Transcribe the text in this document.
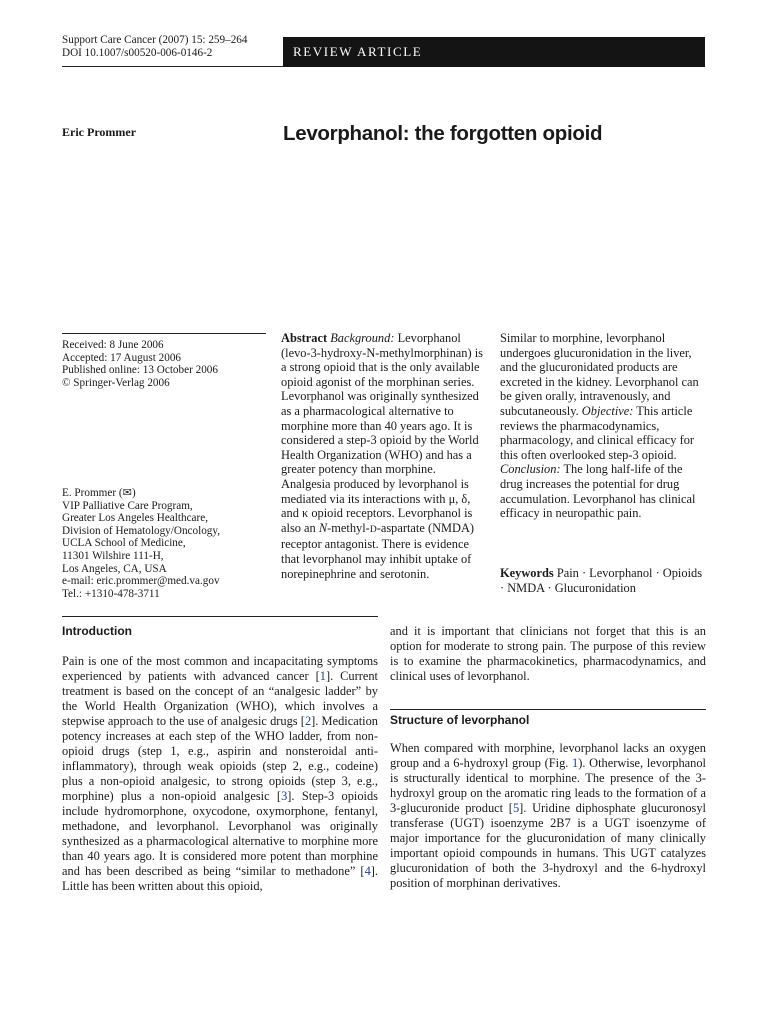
Support Care Cancer (2007) 15: 259–264
DOI 10.1007/s00520-006-0146-2	REVIEW ARTICLE
Eric Prommer	Levorphanol: the forgotten opioid
Received: 8 June 2006
Accepted: 17 August 2006
Published online: 13 October 2006
© Springer-Verlag 2006
E. Prommer (✉)
VIP Palliative Care Program,
Greater Los Angeles Healthcare,
Division of Hematology/Oncology,
UCLA School of Medicine,
11301 Wilshire 111-H,
Los Angeles, CA, USA
e-mail: eric.prommer@med.va.gov
Tel.: +1310-478-3711
Abstract Background: Levorphanol (levo-3-hydroxy-N-methylmorphinan) is a strong opioid that is the only available opioid agonist of the morphinan series. Levorphanol was originally synthesized as a pharmacological alternative to morphine more than 40 years ago. It is considered a step-3 opioid by the World Health Organization (WHO) and has a greater potency than morphine. Analgesia produced by levorphanol is mediated via its interactions with μ, δ, and κ opioid receptors. Levorphanol is also an N-methyl-D-aspartate (NMDA) receptor antagonist. There is evidence that levorphanol may inhibit uptake of norepinephrine and serotonin.
Similar to morphine, levorphanol undergoes glucuronidation in the liver, and the glucuronidated products are excreted in the kidney. Levorphanol can be given orally, intravenously, and subcutaneously. Objective: This article reviews the pharmacodynamics, pharmacology, and clinical efficacy for this often overlooked step-3 opioid. Conclusion: The long half-life of the drug increases the potential for drug accumulation. Levorphanol has clinical efficacy in neuropathic pain.
Keywords Pain · Levorphanol · Opioids · NMDA · Glucuronidation
Introduction
Pain is one of the most common and incapacitating symptoms experienced by patients with advanced cancer [1]. Current treatment is based on the concept of an “analgesic ladder” by the World Health Organization (WHO), which involves a stepwise approach to the use of analgesic drugs [2]. Medication potency increases at each step of the WHO ladder, from non-opioid drugs (step 1, e.g., aspirin and nonsteroidal anti-inflammatory), through weak opioids (step 2, e.g., codeine) plus a non-opioid analgesic, to strong opioids (step 3, e.g., morphine) plus a non-opioid analgesic [3]. Step-3 opioids include hydromorphone, oxycodone, oxymorphone, fentanyl, methadone, and levorphanol. Levorphanol was originally synthesized as a pharmacological alternative to morphine more than 40 years ago. It is considered more potent than morphine and has been described as being “similar to methadone” [4]. Little has been written about this opioid,
and it is important that clinicians not forget that this is an option for moderate to strong pain. The purpose of this review is to examine the pharmacokinetics, pharmacodynamics, and clinical uses of levorphanol.
Structure of levorphanol
When compared with morphine, levorphanol lacks an oxygen group and a 6-hydroxyl group (Fig. 1). Otherwise, levorphanol is structurally identical to morphine. The presence of the 3-hydroxyl group on the aromatic ring leads to the formation of a 3-glucuronide product [5]. Uridine diphosphate glucuronosyl transferase (UGT) isoenzyme 2B7 is a UGT isoenzyme of major importance for the glucuronidation of many clinically important opioid compounds in humans. This UGT catalyzes glucuronidation of both the 3-hydroxyl and the 6-hydroxyl position of morphinan derivatives.
